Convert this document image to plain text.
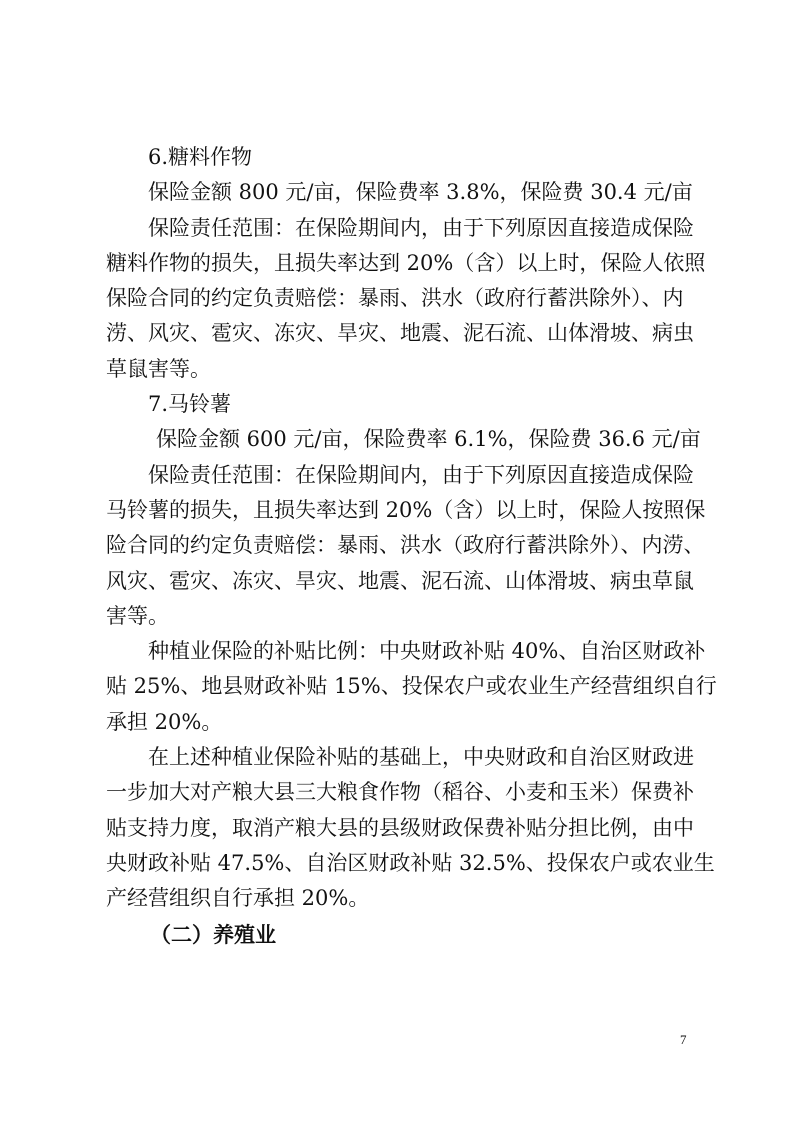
6.糖料作物
保险金额 800 元/亩，保险费率 3.8%，保险费 30.4 元/亩
保险责任范围：在保险期间内，由于下列原因直接造成保险
糖料作物的损失，且损失率达到 20%（含）以上时，保险人依照
保险合同的约定负责赔偿：暴雨、洪水（政府行蓄洪除外）、内
涝、风灾、雹灾、冻灾、旱灾、地震、泥石流、山体滑坡、病虫
草鼠害等。
7.马铃薯
保险金额 600 元/亩，保险费率 6.1%，保险费 36.6 元/亩
保险责任范围：在保险期间内，由于下列原因直接造成保险
马铃薯的损失，且损失率达到 20%（含）以上时，保险人按照保
险合同的约定负责赔偿：暴雨、洪水（政府行蓄洪除外）、内涝、
风灾、雹灾、冻灾、旱灾、地震、泥石流、山体滑坡、病虫草鼠
害等。
种植业保险的补贴比例：中央财政补贴 40%、自治区财政补
贴 25%、地县财政补贴 15%、投保农户或农业生产经营组织自行
承担 20%。
在上述种植业保险补贴的基础上，中央财政和自治区财政进
一步加大对产粮大县三大粮食作物（稻谷、小麦和玉米）保费补
贴支持力度，取消产粮大县的县级财政保费补贴分担比例，由中
央财政补贴 47.5%、自治区财政补贴 32.5%、投保农户或农业生
产经营组织自行承担 20%。
（二）养殖业
7
